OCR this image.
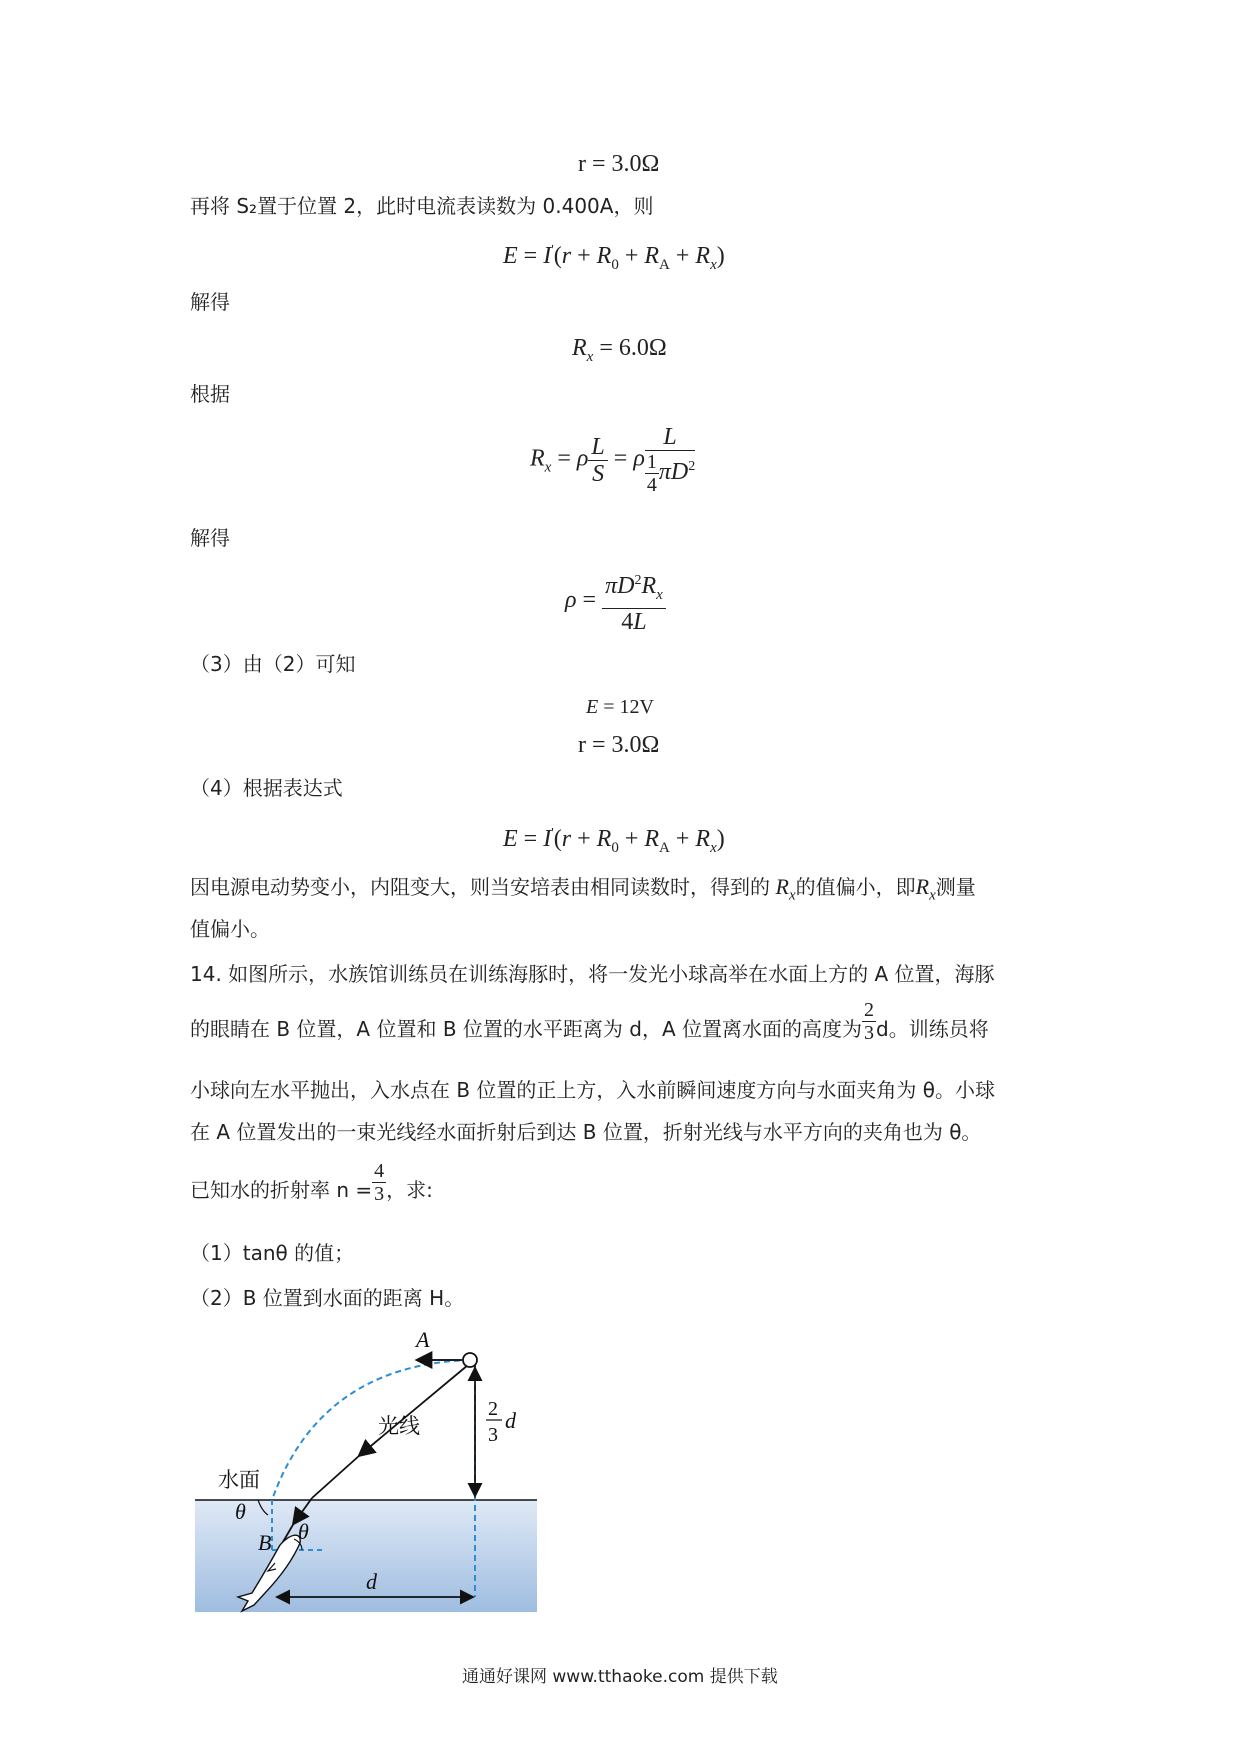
r = 3.0Ω
再将 S₂置于位置 2，此时电流表读数为 0.400A，则
$E = I'(r + R_0 + R_A + R_x)$
解得
$R_x = 6.0\Omega$
根据
$R_x = \rho \frac{L}{S} = \rho \frac{L}{\frac{1}{4} \pi D^2}$
解得
$\rho = \frac{\pi D^2R_x}{4L}$
（3）由（2）可知
E = 12V
r = 3.0Ω
（4）根据表达式
$E = I'(r + R_0 + R_A + R_x)$
因电源电动势变小，内阻变大，则当安培表由相同读数时，得到的 $R_x$的值偏小，即$R_x$测量
值偏小。
14. 如图所示，水族馆训练员在训练海豚时，将一发光小球高举在水面上方的 A 位置，海豚
的眼睛在 B 位置，A 位置和 B 位置的水平距离为 d，A 位置离水面的高度为 $\frac{2}{3}$ d。训练员将
小球向左水平抛出，入水点在 B 位置的正上方，入水前瞬间速度方向与水面夹角为 θ。小球
在 A 位置发出的一束光线经水面折射后到达 B 位置，折射光线与水平方向的夹角也为 θ。
已知水的折射率 $n = \frac{4}{3}$ ，求:
（1）tanθ 的值；
（2）B 位置到水面的距离 H。
A
光线
水面
θ
B θ
d
2
3
d
通通好课网 www.tthaoke.com 提供下载
